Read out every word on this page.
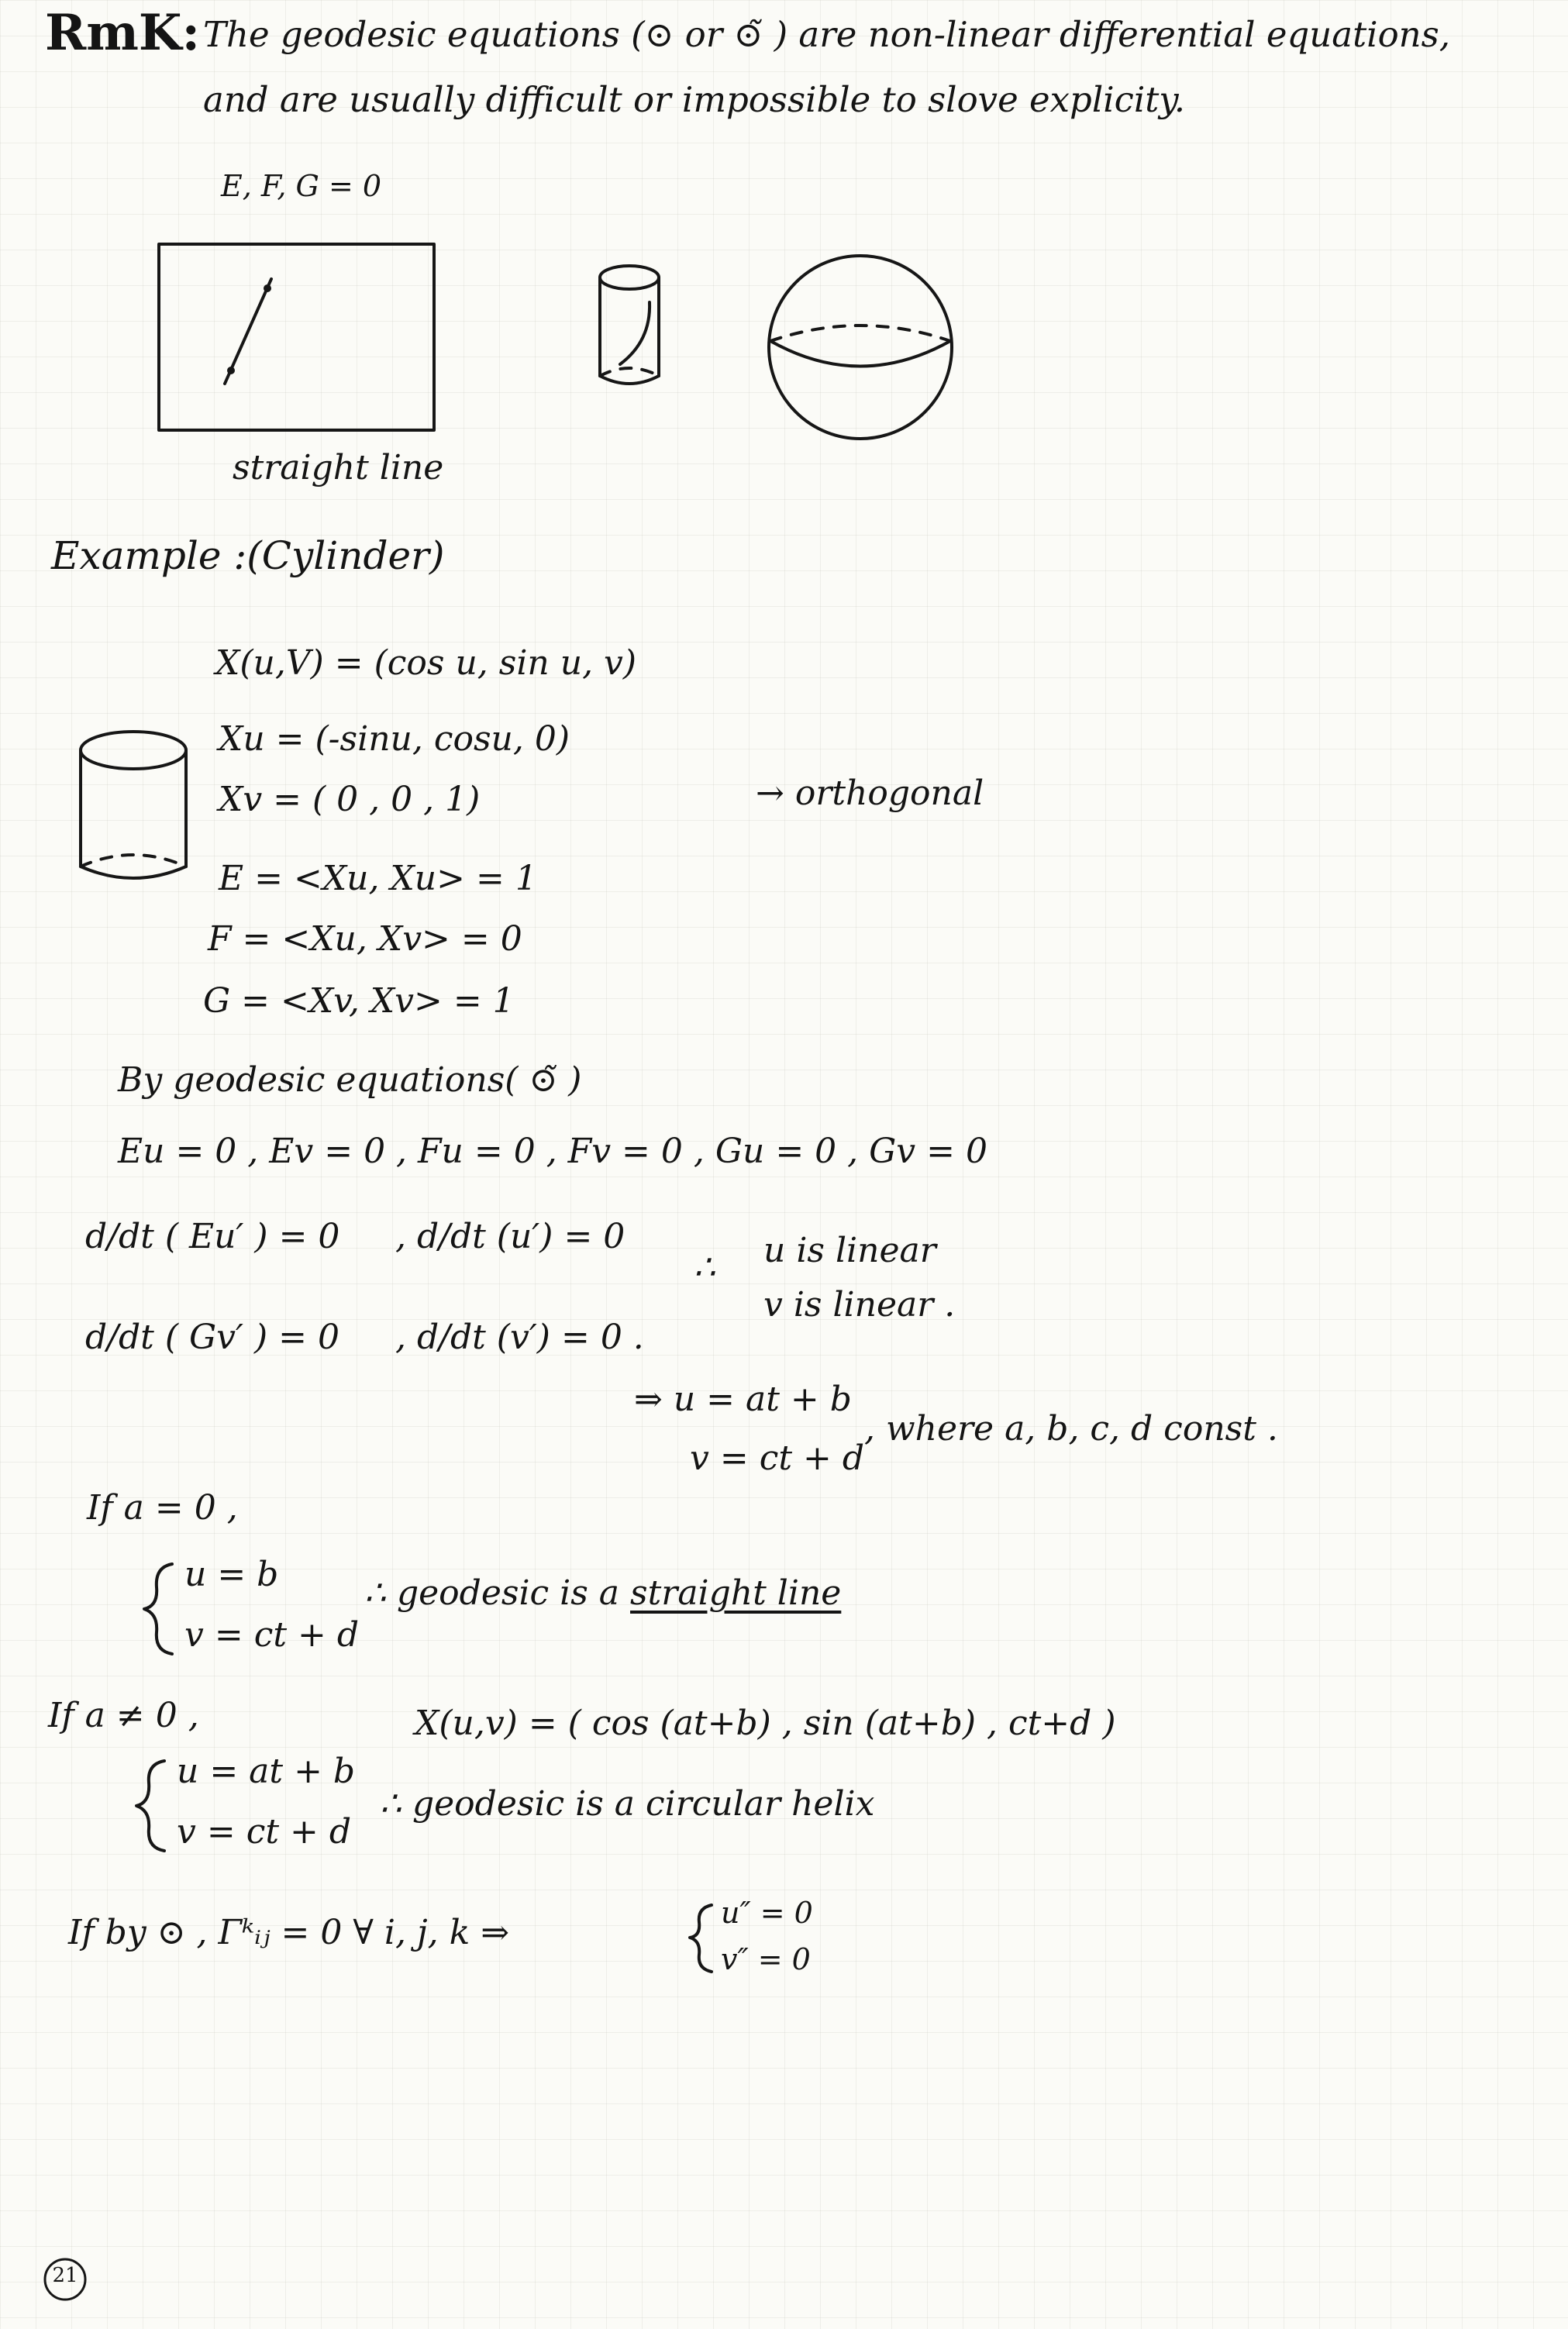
RmK: The geodesic equations (⊙ or ⊙̃ ) are non-linear differential equations,
and are usually difficult or impossible to slove explicity.
E, F, G = 0
straight line
Example :(Cylinder)
X(u,V) = (cos u, sin u, v)
Xu = (-sinu, cosu, 0)
Xv = ( 0 , 0 , 1)	→ orthogonal
E = <Xu, Xu> = 1
F = <Xu, Xv> = 0
G = <Xv, Xv> = 1
By geodesic equations( ⊙̃ )
Eu = 0 , Ev = 0 , Fu = 0 , Fv = 0 , Gu = 0 , Gv = 0
d/dt ( Eu′ ) = 0 , d/dt (u′) = 0
d/dt ( Gv′ ) = 0 , d/dt (v′) = 0 .
∴ u is linear
v is linear .
⇒ u = at + b
v = ct + d
, where a, b, c, d const .
If a = 0 ,
u = b
v = ct + d
∴ geodesic is a straight line
If a ≠ 0 ,	X(u,v) = ( cos (at+b) , sin (at+b) , ct+d )
u = at + b
v = ct + d
∴ geodesic is a circular helix
If by ⊙ , Γᵏᵢⱼ = 0 ∀ i, j, k ⇒	u″ = 0
v″ = 0
21
